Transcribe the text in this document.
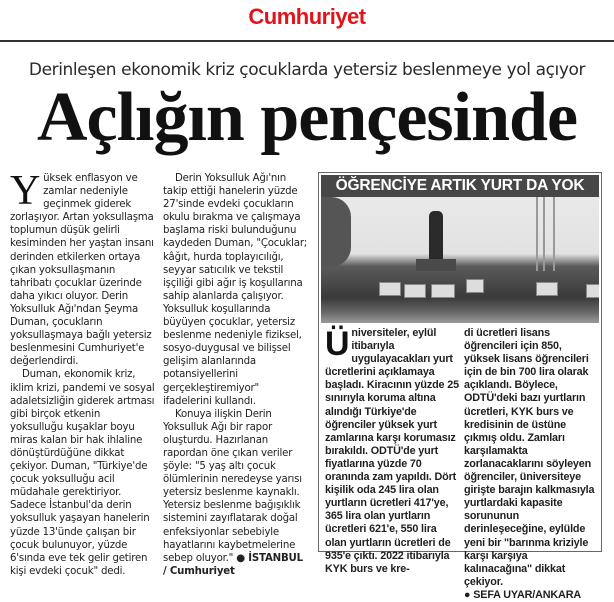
Cumhuriyet
Derinleşen ekonomik kriz çocuklarda yetersiz beslenmeye yol açıyor
Açlığın pençesinde
Y üksek enflasyon ve zamlar nedeniyle geçinmek giderek zorlaşıyor. Artan yoksullaşma toplumun düşük gelirli kesiminden her yaştan insanı derinden etkilerken ortaya çıkan yoksullaşmanın tahribatı çocuklar üzerinde daha yıkıcı oluyor. Derin Yoksulluk Ağı'ndan Şeyma Duman, çocukların yoksullaşmaya bağlı yetersiz beslenmesini Cumhuriyet'e değerlendirdi.

Duman, ekonomik kriz, iklim krizi, pandemi ve sosyal adaletsizliğin giderek artması gibi birçok etkenin yoksulluğu kuşaklar boyu miras kalan bir hak ihlaline dönüştürdüğüne dikkat çekiyor. Duman, "Türkiye'de çocuk yoksulluğu acil müdahale gerektiriyor. Sadece İstanbul'da derin yoksulluk yaşayan hanelerin yüzde 13'ünde çalışan bir çocuk bulunuyor, yüzde 6'sında eve tek gelir getiren kişi evdeki çocuk" dedi.

Derin Yoksulluk Ağı'nın takip ettiği hanelerin yüzde 27'sinde evdeki çocukların okulu bırakma ve çalışmaya başlama riski bulunduğunu kaydeden Duman, "Çocuklar; kâğıt, hurda toplayıcılığı, seyyar satıcılık ve tekstil işçiliği gibi ağır iş koşullarına sahip alanlarda çalışıyor. Yoksulluk koşullarında büyüyen çocuklar, yetersiz beslenme nedeniyle fiziksel, sosyo-duygusal ve bilişsel gelişim alanlarında potansiyellerini gerçekleştiremiyor" ifadelerini kullandı.

Konuya ilişkin Derin Yoksulluk Ağı bir rapor oluşturdu. Hazırlanan rapordan öne çıkan veriler şöyle: "5 yaş altı çocuk ölümlerinin neredeyse yarısı yetersiz beslenme kaynaklı. Yetersiz beslenme bağışıklık sistemini zayıflatarak doğal enfeksiyonlar sebebiyle hayatlarını kaybetmelerine sebep oluyor." ● İSTANBUL / Cumhuriyet

ÖĞRENCİYE ARTIK YURT DA YOK
Ü niversiteler, eylül itibarıyla uygulayacakları yurt ücretlerini açıklamaya başladı. Kiracının yüzde 25 sınırıyla koruma altına alındığı Türkiye'de öğrenciler yüksek yurt zamlarına karşı korumasız bırakıldı. ODTÜ'de yurt fiyatlarına yüzde 70 oranında zam yapıldı. Dört kişilik oda 245 lira olan yurtların ücretleri 417'ye, 365 lira olan yurtların ücretleri 621'e, 550 lira olan yurtların ücretleri de 935'e çıktı. 2022 itibarıyla KYK burs ve kre-

di ücretleri lisans öğrencileri için 850, yüksek lisans öğrencileri için de bin 700 lira olarak açıklandı. Böylece, ODTÜ'deki bazı yurtların ücretleri, KYK burs ve kredisinin de üstüne çıkmış oldu. Zamları karşılamakta zorlanacaklarını söyleyen öğrenciler, üniversiteye girişte barajın kalkmasıyla yurtlardaki kapasite sorununun derinleşeceğine, eylülde yeni bir "barınma kriziyle karşı karşıya kalınacağına" dikkat çekiyor.

● SEFA UYAR/ANKARA
